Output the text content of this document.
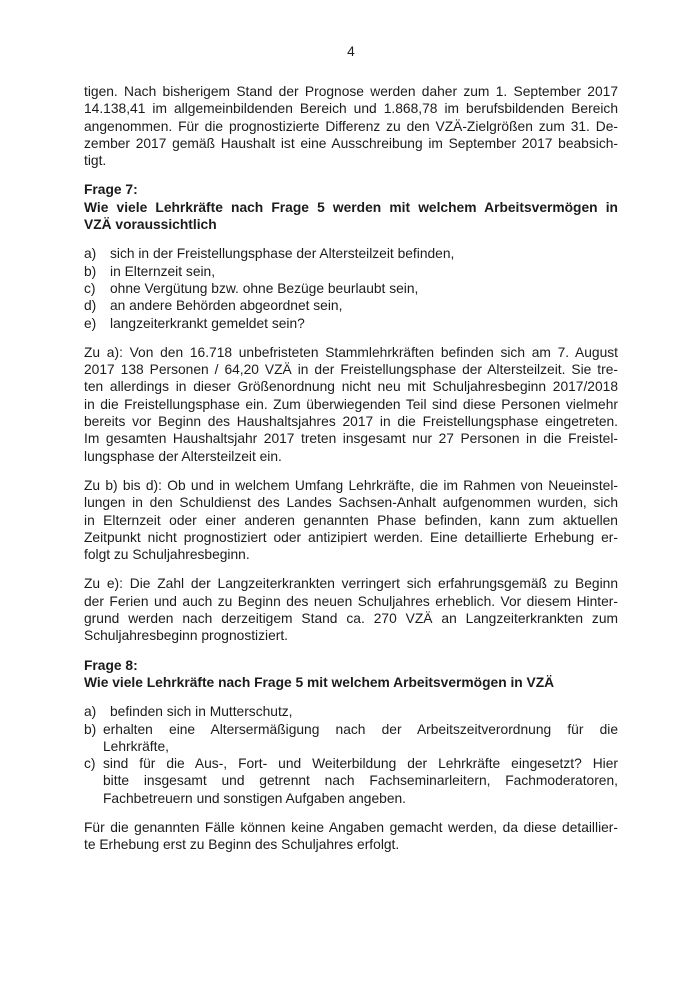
4
tigen. Nach bisherigem Stand der Prognose werden daher zum 1. September 2017
14.138,41 im allgemeinbildenden Bereich und 1.868,78 im berufsbildenden Bereich
angenommen. Für die prognostizierte Differenz zu den VZÄ-Zielgrößen zum 31. De-
zember 2017 gemäß Haushalt ist eine Ausschreibung im September 2017 beabsich-
tigt.
Frage 7:
Wie viele Lehrkräfte nach Frage 5 werden mit welchem Arbeitsvermögen in
VZÄ voraussichtlich
a) sich in der Freistellungsphase der Altersteilzeit befinden,
b) in Elternzeit sein,
c)	ohne Vergütung bzw. ohne Bezüge beurlaubt sein,
d) an andere Behörden abgeordnet sein,
e) langzeiterkrankt gemeldet sein?
Zu a): Von den 16.718 unbefristeten Stammlehrkräften befinden sich am 7. August
2017 138 Personen / 64,20 VZÄ in der Freistellungsphase der Altersteilzeit. Sie tre-
ten allerdings in dieser Größenordnung nicht neu mit Schuljahresbeginn 2017/2018
in die Freistellungsphase ein. Zum überwiegenden Teil sind diese Personen vielmehr
bereits vor Beginn des Haushaltsjahres 2017 in die Freistellungsphase eingetreten.
Im gesamten Haushaltsjahr 2017 treten insgesamt nur 27 Personen in die Freistel-
lungsphase der Altersteilzeit ein.
Zu b) bis d): Ob und in welchem Umfang Lehrkräfte, die im Rahmen von Neueinstel-
lungen in den Schuldienst des Landes Sachsen-Anhalt aufgenommen wurden, sich
in Elternzeit oder einer anderen genannten Phase befinden, kann zum aktuellen
Zeitpunkt nicht prognostiziert oder antizipiert werden. Eine detaillierte Erhebung er-
folgt zu Schuljahresbeginn.
Zu e): Die Zahl der Langzeiterkrankten verringert sich erfahrungsgemäß zu Beginn
der Ferien und auch zu Beginn des neuen Schuljahres erheblich. Vor diesem Hinter-
grund werden nach derzeitigem Stand ca. 270 VZÄ an Langzeiterkrankten zum
Schuljahresbeginn prognostiziert.
Frage 8:
Wie viele Lehrkräfte nach Frage 5 mit welchem Arbeitsvermögen in VZÄ
a) befinden sich in Mutterschutz,
b) erhalten eine Altersermäßigung nach der Arbeitszeitverordnung für die
Lehrkräfte,
c) sind für die Aus-, Fort- und Weiterbildung der Lehrkräfte eingesetzt? Hier
bitte insgesamt und getrennt nach Fachseminarleitern, Fachmoderatoren,
Fachbetreuern und sonstigen Aufgaben angeben.
Für die genannten Fälle können keine Angaben gemacht werden, da diese detaillier-
te Erhebung erst zu Beginn des Schuljahres erfolgt.
